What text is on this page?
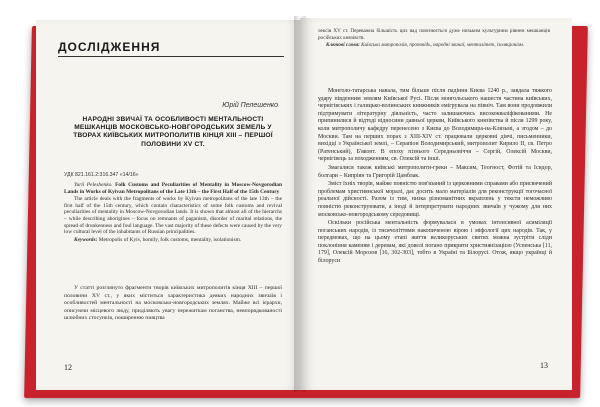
ДОСЛІДЖЕННЯ
Юрій Пелешенко
НАРОДНІ ЗВИЧАЇ ТА ОСОБЛИВОСТІ МЕНТАЛЬНОСТІ МЕШКАНЦІВ МОСКОВСЬКО-НОВГОРОДСЬКИХ ЗЕМЕЛЬ У ТВОРАХ КИЇВСЬКИХ МИТРОПОЛИТІВ КІНЦЯ XIII – ПЕРШОЇ ПОЛОВИНИ XV СТ.
УДК 821.161.2:316.347 «14/16»

Yurii Peleshenko. Folk Customs and Peculiarities of Mentality in Moscow-Novgorodian Lands in Works of Kyivan Metropolitans of the Late 13th – the First Half of the 15th Century

The article deals with the fragments of works by Kyivan metropolitans of the late 13th – the first half of the 15th century, which contain characteristics of some folk customs and revival peculiarities of mentality in Moscow-Novgorodian lands. It is shown that almost all of the hierarchs – while describing aborigines – focus on remnants of paganism, disorder of marital relations, the spread of drunkenness and foul language. The vast majority of these defects were caused by the very low cultural level of the inhabitants of Russian principalities.

Keywords: Metropolis of Kyiv, homily, folk customs, mentality, isolationism.

У статті розглянуто фрагменти творів київських митрополитів кінця XIII – першої половини XV ст., у яких міститься характеристика деяких народних звичаїв і особливостей ментальності на московсько-новгородських землях. Майже всі ієрархи, описуючи місцевого люду, приділяють увагу пережиткам поганства, невпорядкованості шлюбних стосунків, поширенню пияцтва
12
лексів ХV ст. Переважна більшість цих вад пояснюється дуже низьким культурним рівнем мешканців російських князівств.
Ключові слова: Київська митрополія, проповідь, народні звичаї, менталітет, ізоляціонізм.

Монголо-татарська навала, тим більше після падіння Києва 1240 р., завдала тяжкого удару південним землям Київської Русі. Після монгольського нашестя частина київських, чернігівських і галицько-волинських книжників емігрувала на північ. Там вони продовжили підтримувати літературну діяльність, часто залишаючись висококваліфікованими. Не припинилися й відтоді відносини давньої церкви, Київського князівства й після 1299 року, коли митрополичу кафедру перенесено з Києва до Володимира-на-Клязьмі, а згодом – до Москви. Там на перших порах з XIII-XIV ст. працювали церковні діячі, письменники, вихідці з Української землі, – Серапіон Володимирський, митрополит Кирило II, св. Петро (Ратенський), Б'яконт. В епоху пізнього Середньовіччя – Сергій, Олексій Москви, чернігівець за походженням, св. Олексій та інші.

Змагалися також київські митрополити-греки – Максим, Теогност, Фотій та Ісидор, болгари – Кипріян та Григорій Цамблак.

Зміст їхніх творів, майже повністю пов'язаний із церковними справами або присвячений проблемам християнської моралі, дає досить мало матеріалів для реконструкції тогочасної реальної дійсності. Разом із тим, низка різноманітних вкраплень у тексти неможливо повністю реконструювати, а іноді й інтерпретувати народних звичаїв у чужому для них московсько-новгородському середовищі.

Оскільки російська ментальність формувалася в умовах інтенсивної асиміляції поганських народів, із тисячоліттями накопиченою вірою і міфології цих народів. Так, у передмовах, що на цьому етапі життя великоруських святих можна зустріти сліди поклоніння каменям і деревам, які довелі погано прикрити християнізацією (Успенська [11, 179], Олексій Морозов [16, 302-303], тобто в Україні та Білорусі. Отож, якщо українці й білоруси

13
